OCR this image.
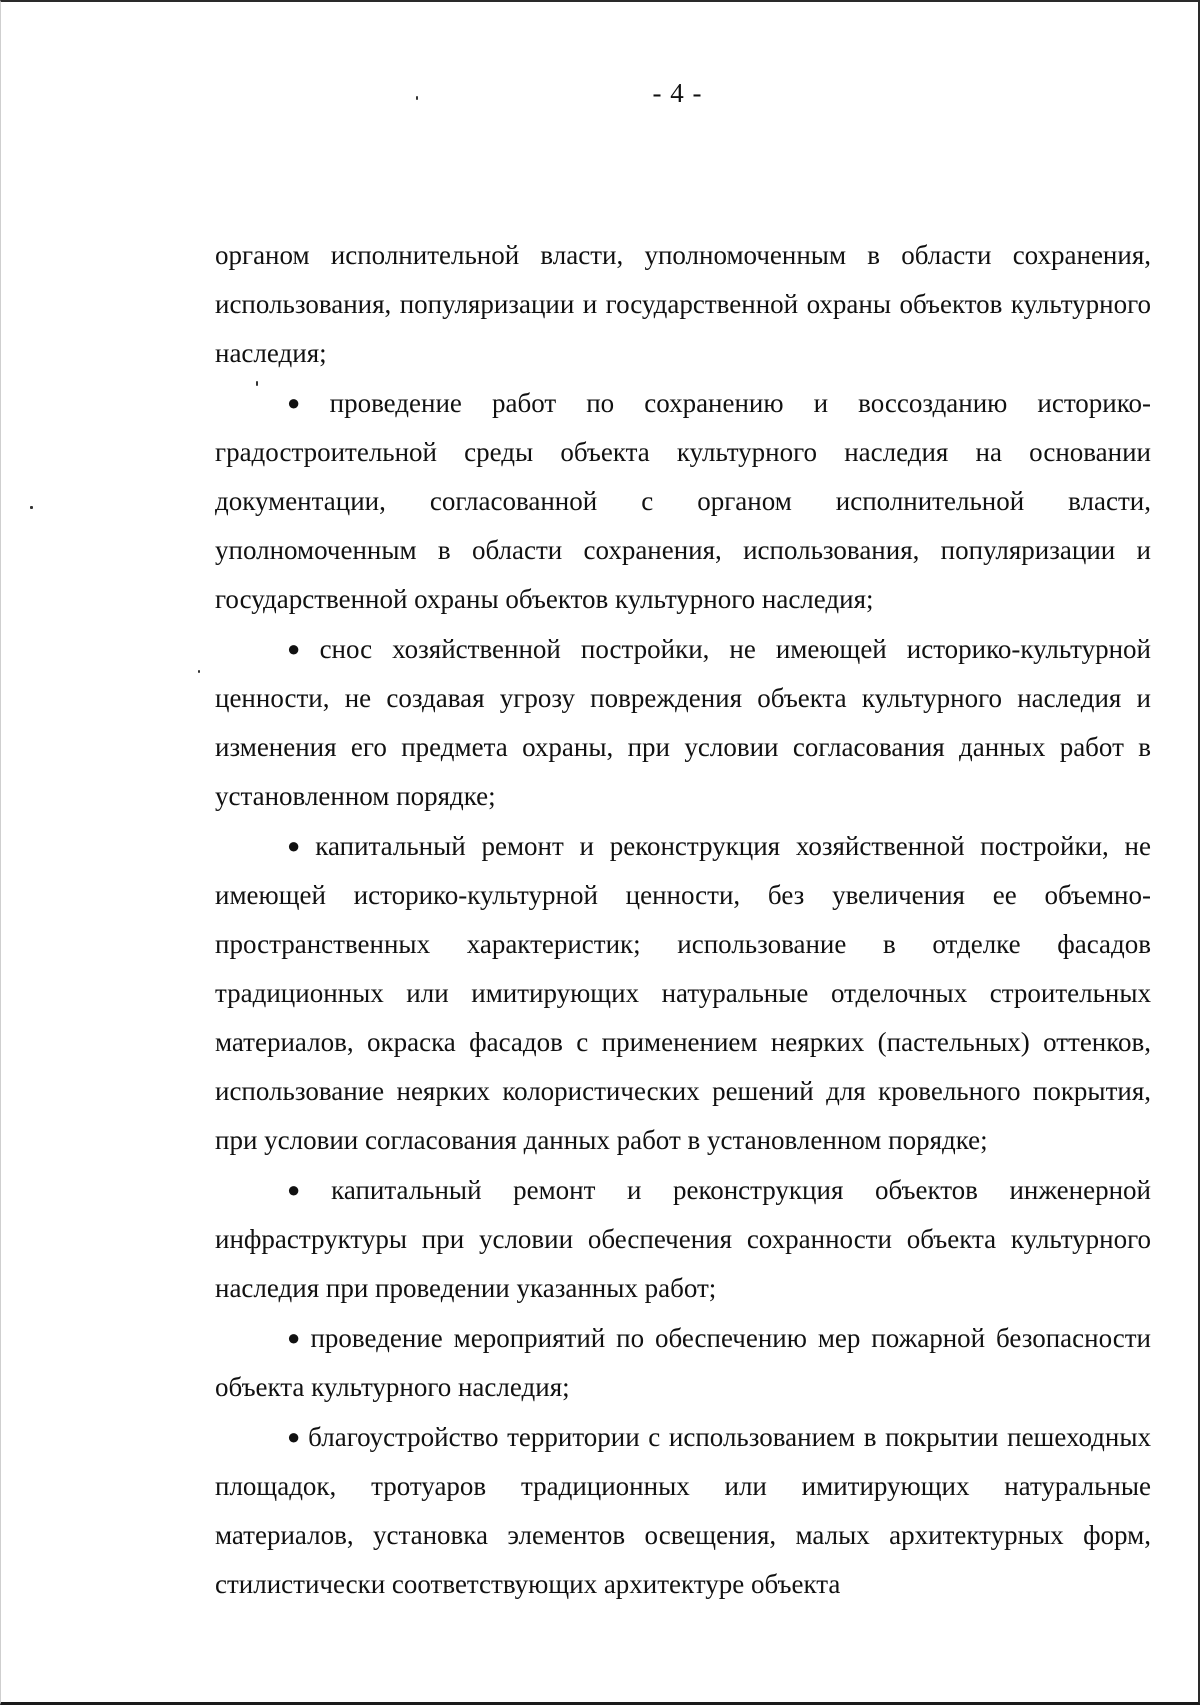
- 4 -

органом исполнительной власти, уполномоченным в области сохранения, использования, популяризации и государственной охраны объектов культурного наследия;

● проведение работ по сохранению и воссозданию историко-градостроительной среды объекта культурного наследия на основании документации, согласованной с органом исполнительной власти, уполномоченным в области сохранения, использования, популяризации и государственной охраны объектов культурного наследия;

● снос хозяйственной постройки, не имеющей историко-культурной ценности, не создавая угрозу повреждения объекта культурного наследия и изменения его предмета охраны, при условии согласования данных работ в установленном порядке;

● капитальный ремонт и реконструкция хозяйственной постройки, не имеющей историко-культурной ценности, без увеличения ее объемно-пространственных характеристик; использование в отделке фасадов традиционных или имитирующих натуральные отделочных строительных материалов, окраска фасадов с применением неярких (пастельных) оттенков, использование неярких колористических решений для кровельного покрытия, при условии согласования данных работ в установленном порядке;

● капитальный ремонт и реконструкция объектов инженерной инфраструктуры при условии обеспечения сохранности объекта культурного наследия при проведении указанных работ;

● проведение мероприятий по обеспечению мер пожарной безопасности объекта культурного наследия;

● благоустройство территории с использованием в покрытии пешеходных площадок, тротуаров традиционных или имитирующих натуральные материалов, установка элементов освещения, малых архитектурных форм, стилистически соответствующих архитектуре объекта
